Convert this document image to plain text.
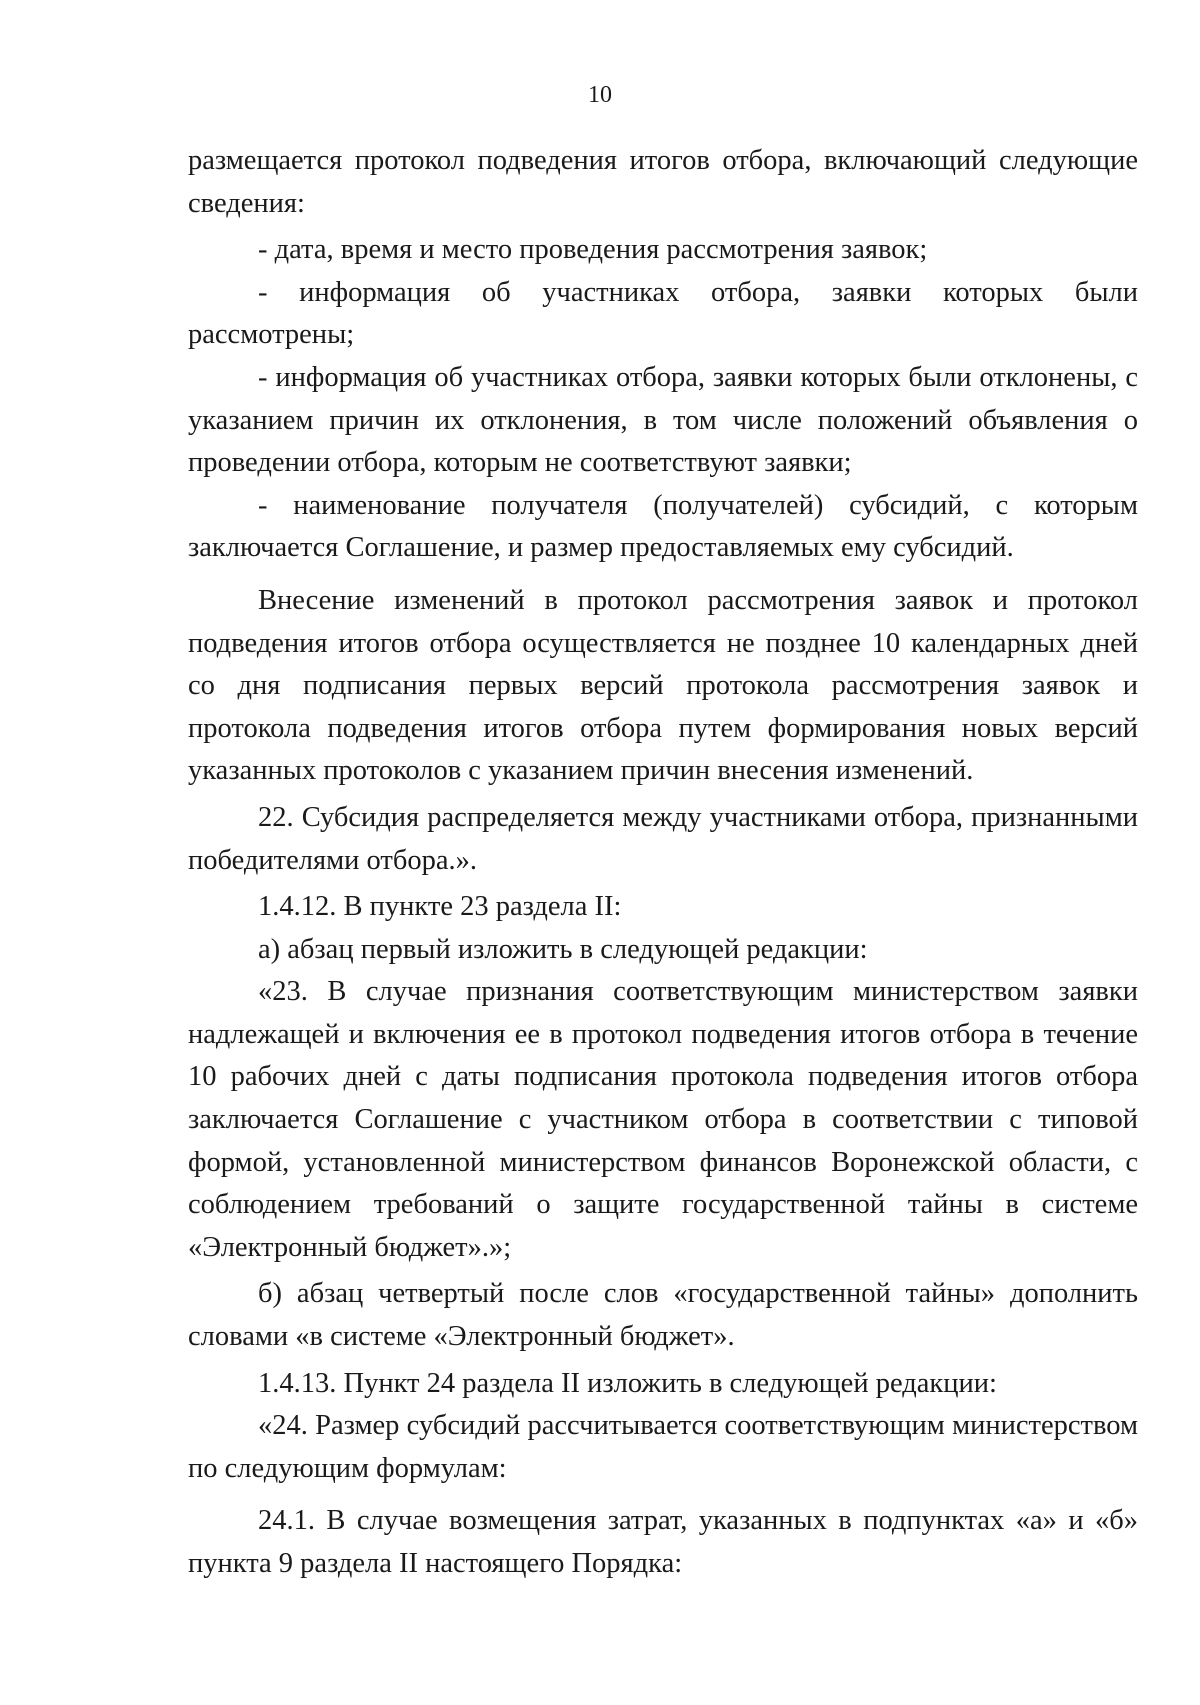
10

размещается протокол подведения итогов отбора, включающий следующие сведения:

- дата, время и место проведения рассмотрения заявок;

- информация об участниках отбора, заявки которых были рассмотрены;

- информация об участниках отбора, заявки которых были отклонены, с указанием причин их отклонения, в том числе положений объявления о проведении отбора, которым не соответствуют заявки;

- наименование получателя (получателей) субсидий, с которым заключается Соглашение, и размер предоставляемых ему субсидий.

Внесение изменений в протокол рассмотрения заявок и протокол подведения итогов отбора осуществляется не позднее 10 календарных дней со дня подписания первых версий протокола рассмотрения заявок и протокола подведения итогов отбора путем формирования новых версий указанных протоколов с указанием причин внесения изменений.

22. Субсидия распределяется между участниками отбора, признанными победителями отбора.».

1.4.12. В пункте 23 раздела II:

а) абзац первый изложить в следующей редакции:

«23. В случае признания соответствующим министерством заявки надлежащей и включения ее в протокол подведения итогов отбора в течение 10 рабочих дней с даты подписания протокола подведения итогов отбора заключается Соглашение с участником отбора в соответствии с типовой формой, установленной министерством финансов Воронежской области, с соблюдением требований о защите государственной тайны в системе «Электронный бюджет».»;

б) абзац четвертый после слов «государственной тайны» дополнить словами «в системе «Электронный бюджет».

1.4.13. Пункт 24 раздела II изложить в следующей редакции:

«24. Размер субсидий рассчитывается соответствующим министерством по следующим формулам:

24.1. В случае возмещения затрат, указанных в подпунктах «а» и «б» пункта 9 раздела II настоящего Порядка:
